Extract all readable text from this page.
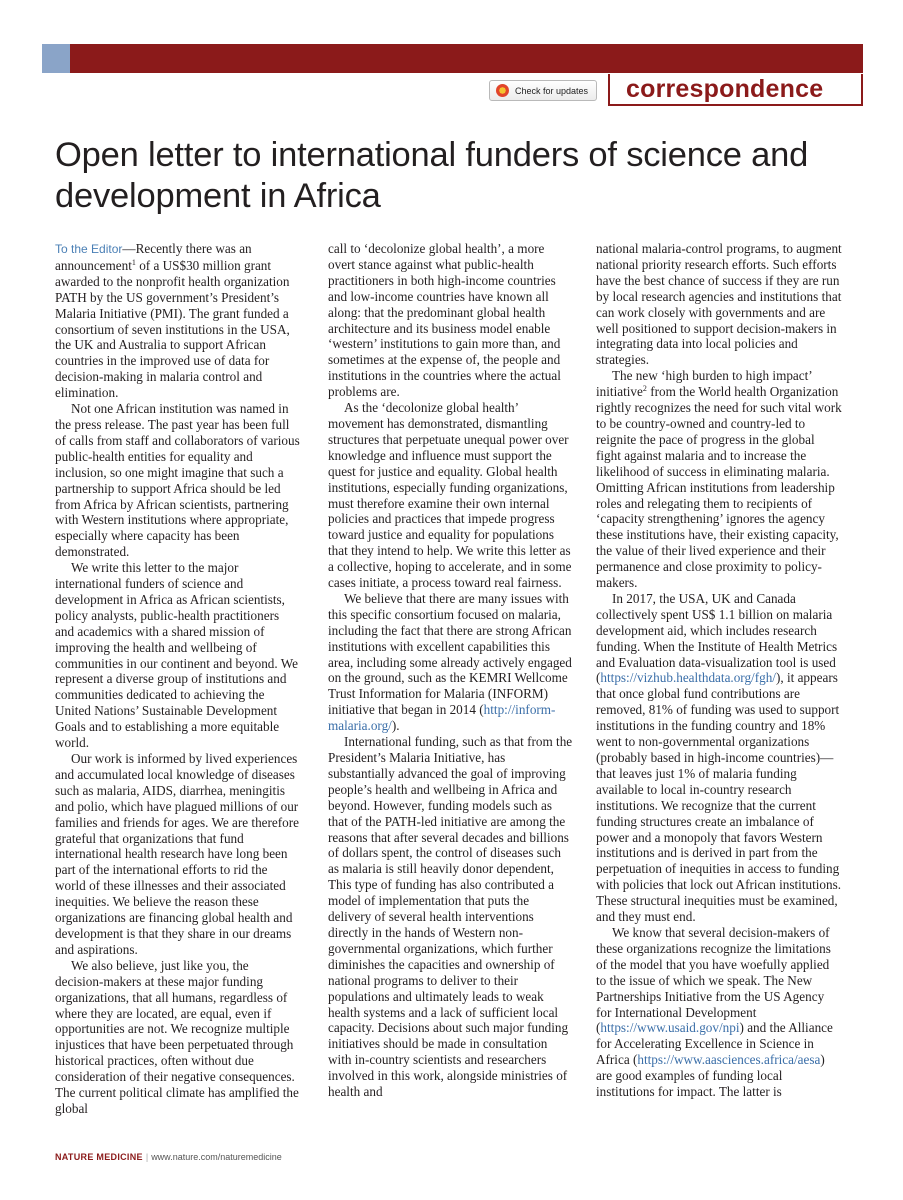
Check for updates	correspondence
Open letter to international funders of science and development in Africa

To the Editor—Recently there was an announcement$^1$ of a US$30 million grant awarded to the nonprofit health organization PATH by the US government’s President’s Malaria Initiative (PMI). The grant funded a consortium of seven institutions in the USA, the UK and Australia to support African countries in the improved use of data for decision-making in malaria control and elimination.

Not one African institution was named in the press release. The past year has been full of calls from staff and collaborators of various public-health entities for equality and inclusion, so one might imagine that such a partnership to support Africa should be led from Africa by African scientists, partnering with Western institutions where appropriate, especially where capacity has been demonstrated.

We write this letter to the major international funders of science and development in Africa as African scientists, policy analysts, public-health practitioners and academics with a shared mission of improving the health and wellbeing of communities in our continent and beyond. We represent a diverse group of institutions and communities dedicated to achieving the United Nations’ Sustainable Development Goals and to establishing a more equitable world.

Our work is informed by lived experiences and accumulated local knowledge of diseases such as malaria, AIDS, diarrhea, meningitis and polio, which have plagued millions of our families and friends for ages. We are therefore grateful that organizations that fund international health research have long been part of the international efforts to rid the world of these illnesses and their associated inequities. We believe the reason these organizations are financing global health and development is that they share in our dreams and aspirations.

We also believe, just like you, the decision-makers at these major funding organizations, that all humans, regardless of where they are located, are equal, even if opportunities are not. We recognize multiple injustices that have been perpetuated through historical practices, often without due consideration of their negative consequences. The current political climate has amplified the global

call to ‘decolonize global health’, a more overt stance against what public-health practitioners in both high-income countries and low-income countries have known all along: that the predominant global health architecture and its business model enable ‘western’ institutions to gain more than, and sometimes at the expense of, the people and institutions in the countries where the actual problems are.

As the ‘decolonize global health’ movement has demonstrated, dismantling structures that perpetuate unequal power over knowledge and influence must support the quest for justice and equality. Global health institutions, especially funding organizations, must therefore examine their own internal policies and practices that impede progress toward justice and equality for populations that they intend to help. We write this letter as a collective, hoping to accelerate, and in some cases initiate, a process toward real fairness.

We believe that there are many issues with this specific consortium focused on malaria, including the fact that there are strong African institutions with excellent capabilities this area, including some already actively engaged on the ground, such as the KEMRI Wellcome Trust Information for Malaria (INFORM) initiative that began in 2014 (http://inform-malaria.org/).

International funding, such as that from the President’s Malaria Initiative, has substantially advanced the goal of improving people’s health and wellbeing in Africa and beyond. However, funding models such as that of the PATH-led initiative are among the reasons that after several decades and billions of dollars spent, the control of diseases such as malaria is still heavily donor dependent, This type of funding has also contributed a model of implementation that puts the delivery of several health interventions directly in the hands of Western non-governmental organizations, which further diminishes the capacities and ownership of national programs to deliver to their populations and ultimately leads to weak health systems and a lack of sufficient local capacity. Decisions about such major funding initiatives should be made in consultation with in-country scientists and researchers involved in this work, alongside ministries of health and

national malaria-control programs, to augment national priority research efforts. Such efforts have the best chance of success if they are run by local research agencies and institutions that can work closely with governments and are well positioned to support decision-makers in integrating data into local policies and strategies.

The new ‘high burden to high impact’ initiative$^2$ from the World health Organization rightly recognizes the need for such vital work to be country-owned and country-led to reignite the pace of progress in the global fight against malaria and to increase the likelihood of success in eliminating malaria. Omitting African institutions from leadership roles and relegating them to recipients of ‘capacity strengthening’ ignores the agency these institutions have, their existing capacity, the value of their lived experience and their permanence and close proximity to policy-makers.

In 2017, the USA, UK and Canada collectively spent US$ 1.1 billion on malaria development aid, which includes research funding. When the Institute of Health Metrics and Evaluation data-visualization tool is used (https://vizhub.healthdata.org/fgh/), it appears that once global fund contributions are removed, 81% of funding was used to support institutions in the funding country and 18% went to non-governmental organizations (probably based in high-income countries)—that leaves just 1% of malaria funding available to local in-country research institutions. We recognize that the current funding structures create an imbalance of power and a monopoly that favors Western institutions and is derived in part from the perpetuation of inequities in access to funding with policies that lock out African institutions. These structural inequities must be examined, and they must end.

We know that several decision-makers of these organizations recognize the limitations of the model that you have woefully applied to the issue of which we speak. The New Partnerships Initiative from the US Agency for International Development (https://www.usaid.gov/npi) and the Alliance for Accelerating Excellence in Science in Africa (https://www.aasciences.africa/aesa) are good examples of funding local institutions for impact. The latter is

NATURE MEDICINE | www.nature.com/naturemedicine
